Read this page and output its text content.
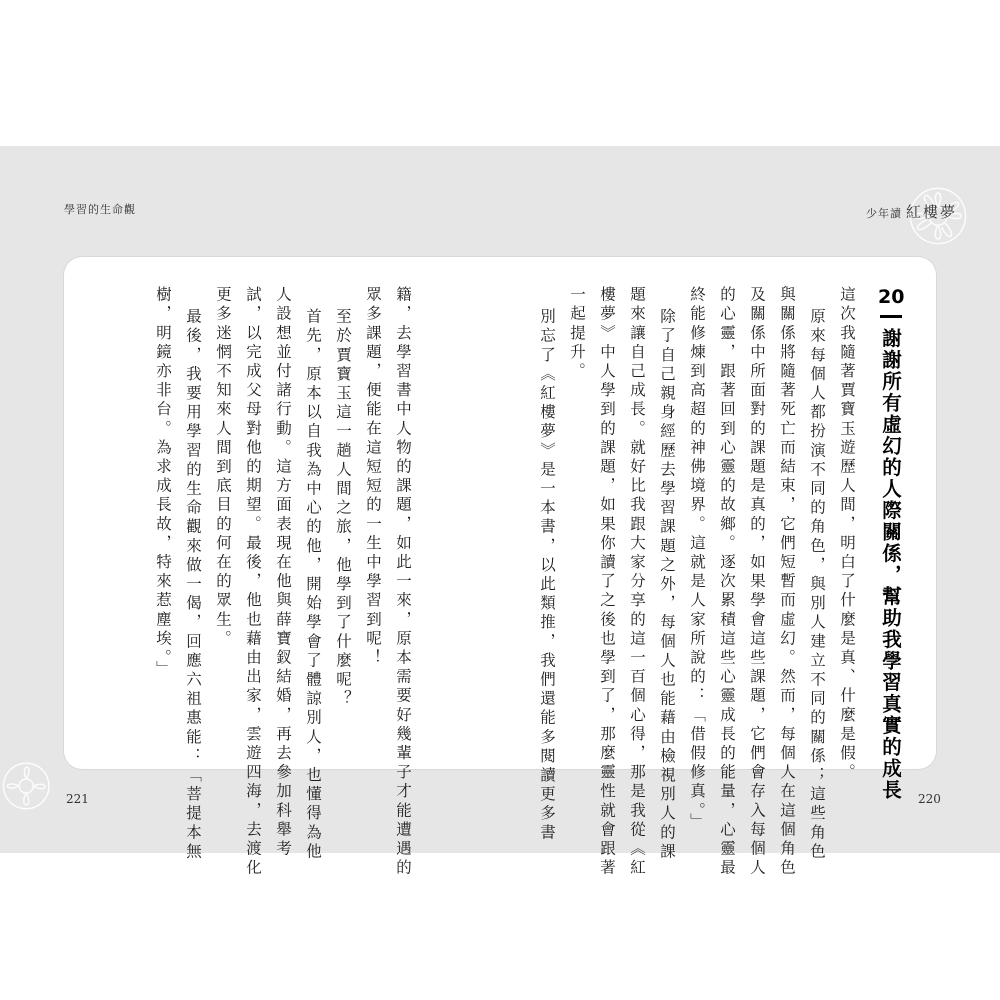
學習的生命觀	少年讀 紅樓夢
20
謝謝所有虛幻的人際關係，幫助我學習真實的成長
這次我隨著賈寶玉遊歷人間，明白了什麼是真、什麼是假。
原來每個人都扮演不同的角色，與別人建立不同的關係；這些角色
與關係將隨著死亡而結束，它們短暫而虛幻。然而，每個人在這個角色
及關係中所面對的課題是真的，如果學會這些課題，它們會存入每個人
的心靈，跟著回到心靈的故鄉。逐次累積這些心靈成長的能量，心靈最
終能修煉到高超的神佛境界。這就是人家所說的：「借假修真。」
除了自己親身經歷去學習課題之外，每個人也能藉由檢視別人的課
題來讓自己成長。就好比我跟大家分享的這一百個心得，那是我從《紅
樓夢》中人學到的課題，如果你讀了之後也學到了，那麼靈性就會跟著
一起提升。
別忘了《紅樓夢》是一本書，以此類推，我們還能多閱讀更多書
籍，去學習書中人物的課題，如此一來，原本需要好幾輩子才能遭遇的
眾多課題，便能在這短短的一生中學習到呢！
至於賈寶玉這一趟人間之旅，他學到了什麼呢？
首先，原本以自我為中心的他，開始學會了體諒別人，也懂得為他
人設想並付諸行動。這方面表現在他與薛寶釵結婚，再去參加科舉考
試，以完成父母對他的期望。最後，他也藉由出家，雲遊四海，去渡化
更多迷惘不知來人間到底目的何在的眾生。
最後，我要用學習的生命觀來做一偈，回應六祖惠能：「菩提本無
樹，明鏡亦非台。為求成長故，特來惹塵埃。」
221	220
